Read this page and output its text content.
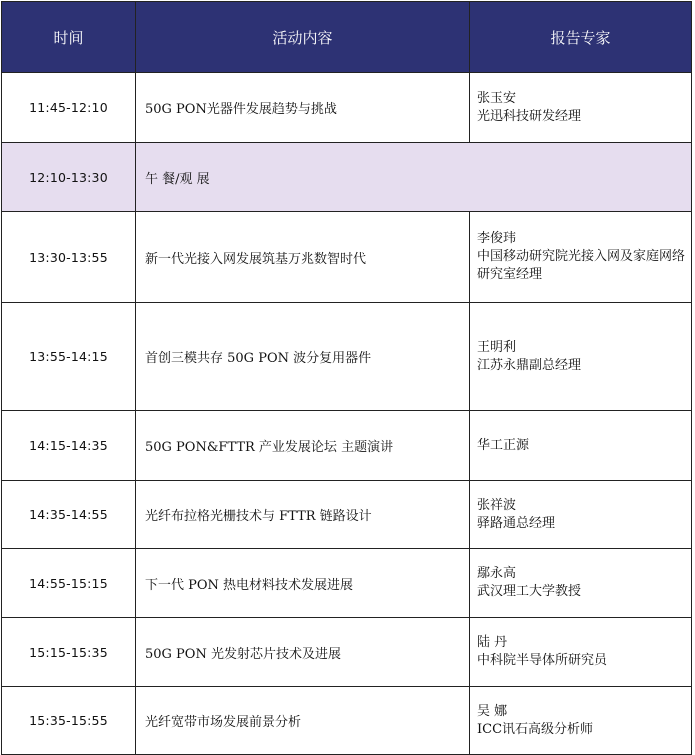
时间	活动内容	报告专家
11:45-12:10	50G PON光器件发展趋势与挑战	张玉安
光迅科技研发经理

12:10-13:30	午 餐/观 展	
13:30-13:55	新一代光接入网发展筑基万兆数智时代	李俊玮
中国移动研究院光接入网及家庭网络研究室经理

13:55-14:15	首创三模共存 50G PON 波分复用器件	王明利
江苏永鼎副总经理

14:15-14:35	50G PON&FTTR 产业发展论坛 主题演讲	华工正源

14:35-14:55	光纤布拉格光栅技术与 FTTR 链路设计	张祥波
驿路通总经理

14:55-15:15	下一代 PON 热电材料技术发展进展	鄢永高
武汉理工大学教授

15:15-15:35	50G PON 光发射芯片技术及进展	陆 丹
中科院半导体所研究员

15:35-15:55	光纤宽带市场发展前景分析	吴 娜
ICC讯石高级分析师
